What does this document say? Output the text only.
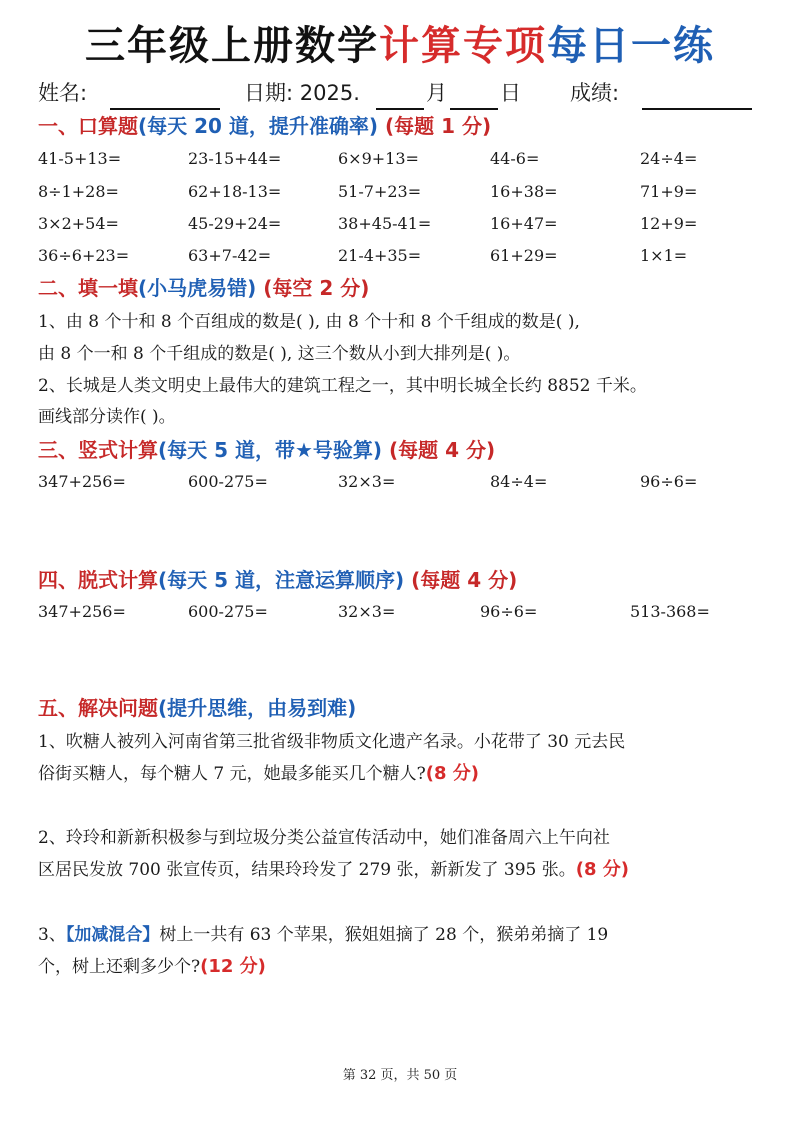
三年级上册数学计算专项每日一练
姓名:	日期: 2025.	月	日 成绩:
一、口算题(每天 20 道，提升准确率) (每题 1 分)
41-5+13=	23-15+44=	6×9+13=	44-6=	24÷4=
8÷1+28=	62+18-13=	51-7+23=	16+38=	71+9=
3×2+54=	45-29+24=	38+45-41=	16+47=	12+9=
36÷6+23=	63+7-42=	21-4+35=	61+29=	1×1=
二、填一填(小马虎易错) (每空 2 分)
1、由 8 个十和 8 个百组成的数是( ), 由 8 个十和 8 个千组成的数是( ),
由 8 个一和 8 个千组成的数是( ), 这三个数从小到大排列是( )。
2、长城是人类文明史上最伟大的建筑工程之一，其中明长城全长约 8852 千米。
画线部分读作( )。
三、竖式计算(每天 5 道，带★号验算) (每题 4 分)
347+256=	600-275=	32×3=	84÷4=	96÷6=
四、脱式计算(每天 5 道，注意运算顺序) (每题 4 分)
347+256=	600-275=	32×3=	96÷6=	513-368=
五、解决问题(提升思维，由易到难)
1、吹糖人被列入河南省第三批省级非物质文化遗产名录。小花带了 30 元去民
俗街买糖人，每个糖人 7 元，她最多能买几个糖人?(8 分)
2、玲玲和新新积极参与到垃圾分类公益宣传活动中，她们准备周六上午向社
区居民发放 700 张宣传页，结果玲玲发了 279 张，新新发了 395 张。(8 分)
3、【加减混合】树上一共有 63 个苹果，猴姐姐摘了 28 个，猴弟弟摘了 19
个，树上还剩多少个?(12 分)
第 32 页，共 50 页
